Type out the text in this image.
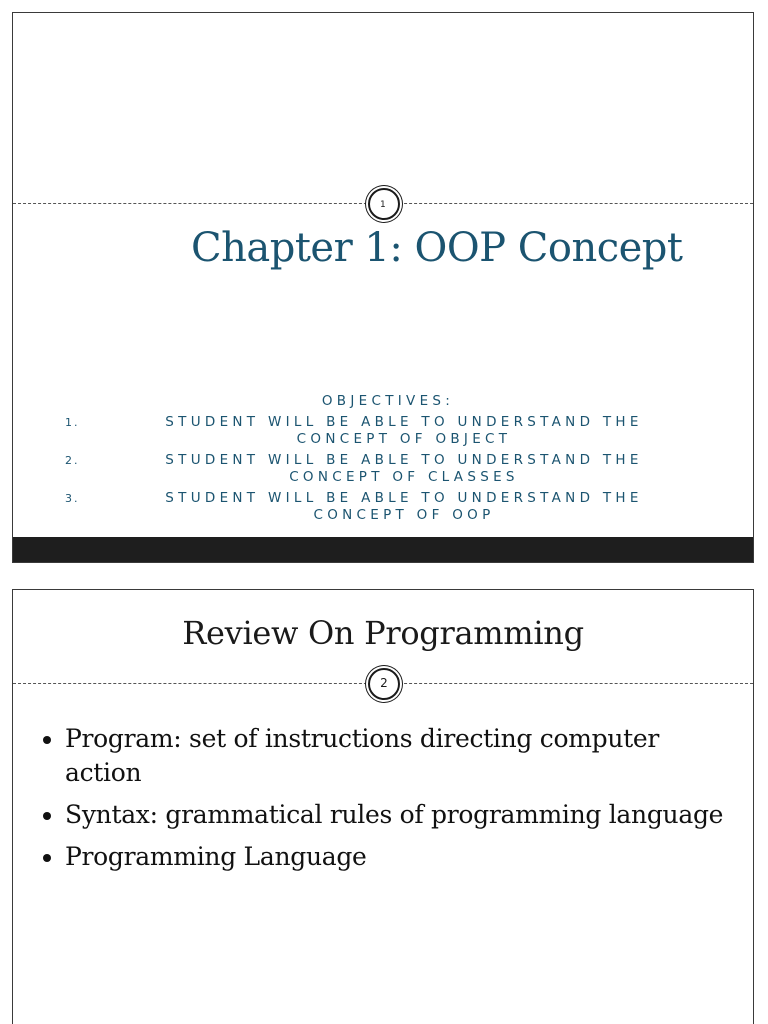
1
Chapter 1: OOP Concept
OBJECTIVES:
1.	STUDENT WILL BE ABLE TO UNDERSTAND THE
CONCEPT OF OBJECT
2.	STUDENT WILL BE ABLE TO UNDERSTAND THE
CONCEPT OF CLASSES
3.	STUDENT WILL BE ABLE TO UNDERSTAND THE
CONCEPT OF OOP
Review On Programming
2
Program: set of instructions directing computer action
Syntax: grammatical rules of programming language
Programming Language
